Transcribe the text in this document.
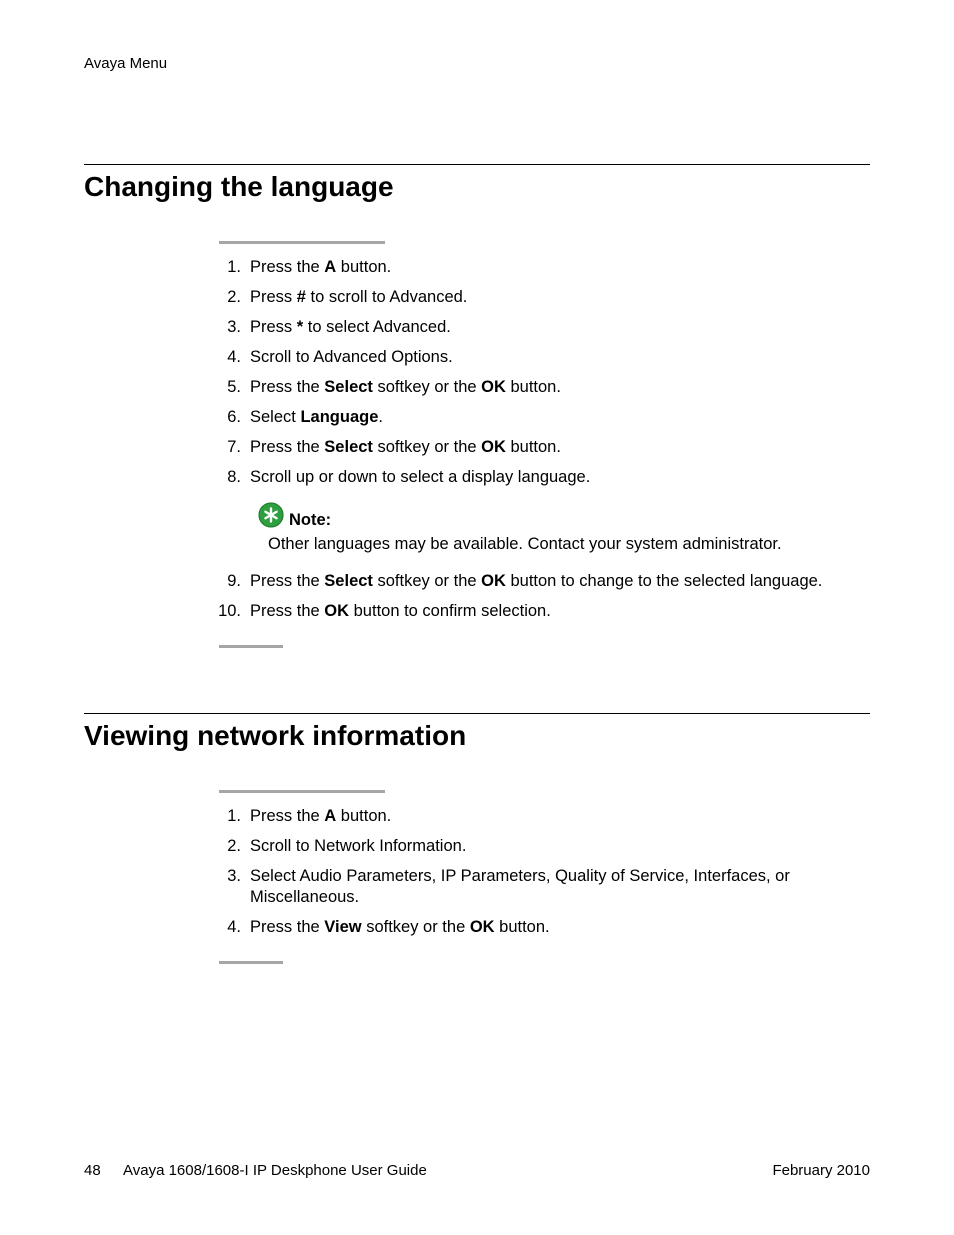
Avaya Menu
Changing the language
1. Press the A button.
2. Press # to scroll to Advanced.
3. Press * to select Advanced.
4. Scroll to Advanced Options.
5. Press the Select softkey or the OK button.
6. Select Language.
7. Press the Select softkey or the OK button.
8. Scroll up or down to select a display language.
9. Press the Select softkey or the OK button to change to the selected language.
10. Press the OK button to confirm selection.
Note:
Other languages may be available. Contact your system administrator.
Viewing network information
1. Press the A button.
2. Scroll to Network Information.
3. Select Audio Parameters, IP Parameters, Quality of Service, Interfaces, or Miscellaneous.
4. Press the View softkey or the OK button.
48 Avaya 1608/1608-I IP Deskphone User Guide	February 2010
